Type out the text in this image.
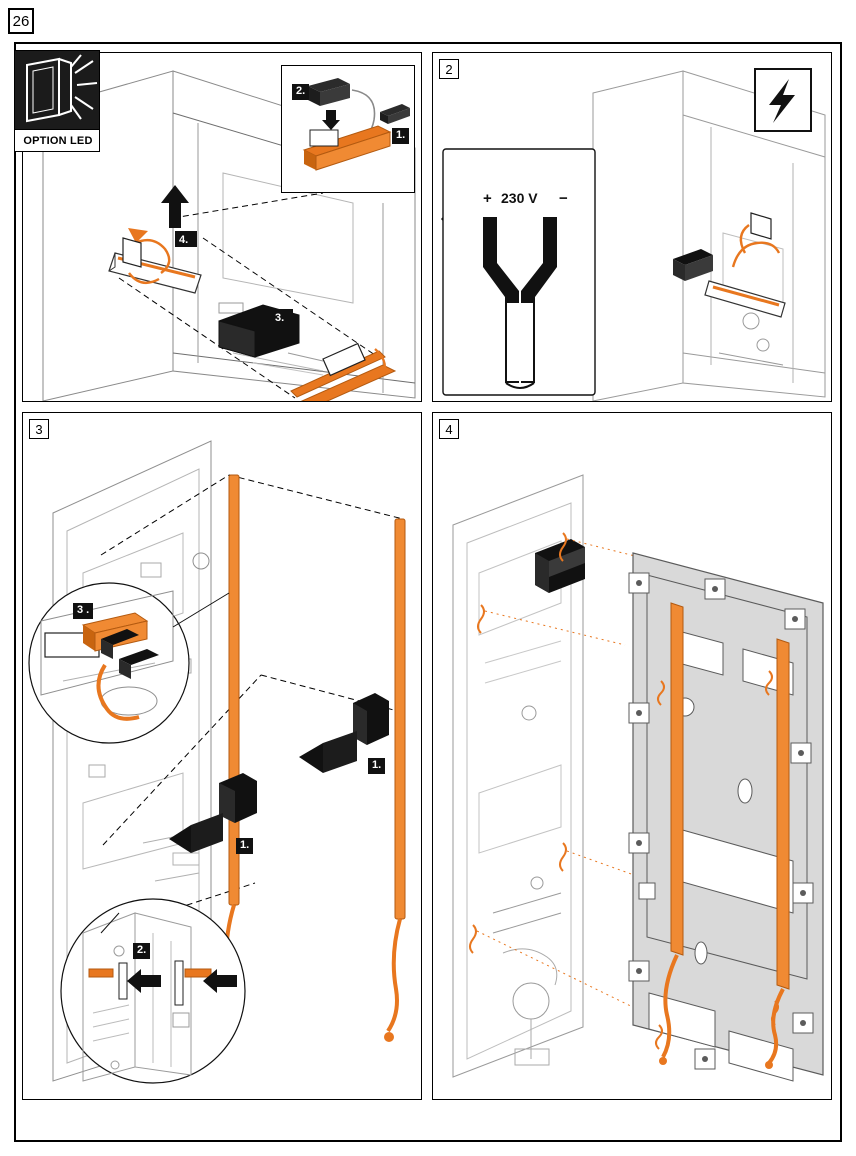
26
4.
3.
2.
1.
OPTION LED
2
+ 230 V −
3
3 .
1.
1.
2.
4
